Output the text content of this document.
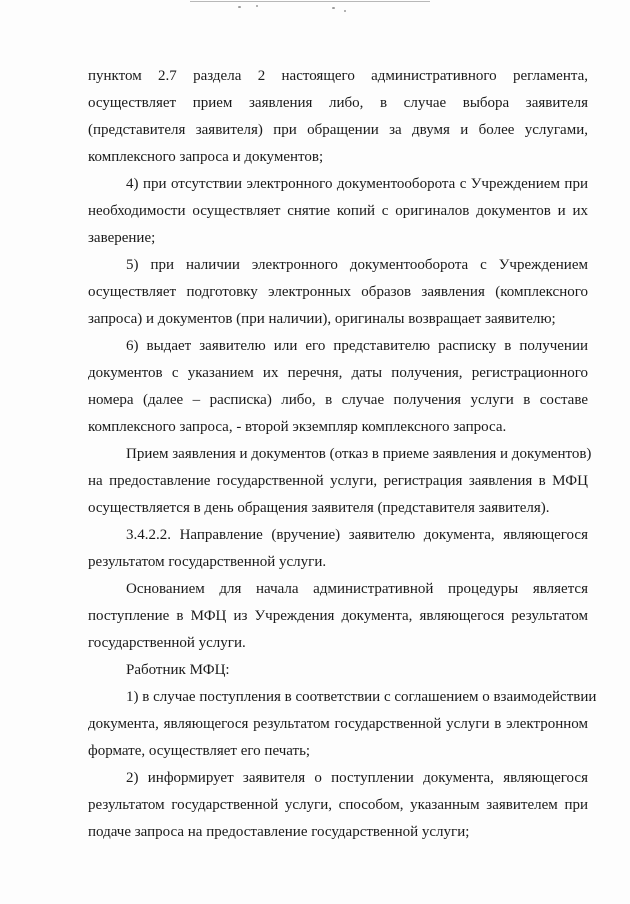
пунктом 2.7 раздела 2 настоящего административного регламента,
осуществляет прием заявления либо, в случае выбора заявителя
(представителя заявителя) при обращении за двумя и более услугами,
комплексного запроса и документов;
4) при отсутствии электронного документооборота с Учреждением при
необходимости осуществляет снятие копий с оригиналов документов и их
заверение;
5) при наличии электронного документооборота с Учреждением
осуществляет подготовку электронных образов заявления (комплексного
запроса) и документов (при наличии), оригиналы возвращает заявителю;
6) выдает заявителю или его представителю расписку в получении
документов с указанием их перечня, даты получения, регистрационного
номера (далее – расписка) либо, в случае получения услуги в составе
комплексного запроса, - второй экземпляр комплексного запроса.
Прием заявления и документов (отказ в приеме заявления и документов)
на предоставление государственной услуги, регистрация заявления в МФЦ
осуществляется в день обращения заявителя (представителя заявителя).
3.4.2.2. Направление (вручение) заявителю документа, являющегося
результатом государственной услуги.
Основанием для начала административной процедуры является
поступление в МФЦ из Учреждения документа, являющегося результатом
государственной услуги.
Работник МФЦ:
1) в случае поступления в соответствии с соглашением о взаимодействии
документа, являющегося результатом государственной услуги в электронном
формате, осуществляет его печать;
2) информирует заявителя о поступлении документа, являющегося
результатом государственной услуги, способом, указанным заявителем при
подаче запроса на предоставление государственной услуги;
